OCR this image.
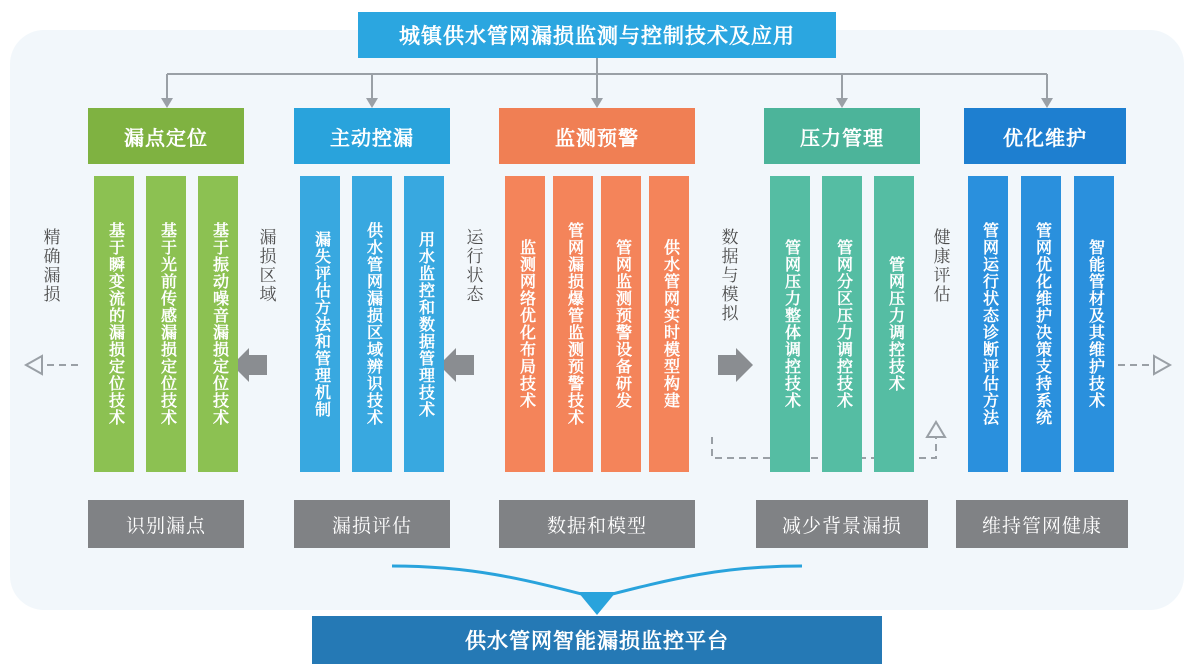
城镇供水管网漏损监测与控制技术及应用
精确漏损	漏损区域	运行状态	数据与模拟	健康评估
漏点定位
基于瞬变流的漏损定位技术	基于光前传感漏损定位技术	基于振动噪音漏损定位技术
识别漏点
主动控漏
漏失评估方法和管理机制	供水管网漏损区域辨识技术	用水监控和数据管理技术
漏损评估
监测预警
监测网络优化布局技术	管网漏损爆管监测预警技术	管网监测预警设备研发	供水管网实时模型构建
数据和模型
压力管理
管网压力整体调控技术	管网分区压力调控技术	管网压力调控技术
减少背景漏损
优化维护
管网运行状态诊断评估方法	管网优化维护决策支持系统	智能管材及其维护技术
维持管网健康
供水管网智能漏损监控平台
